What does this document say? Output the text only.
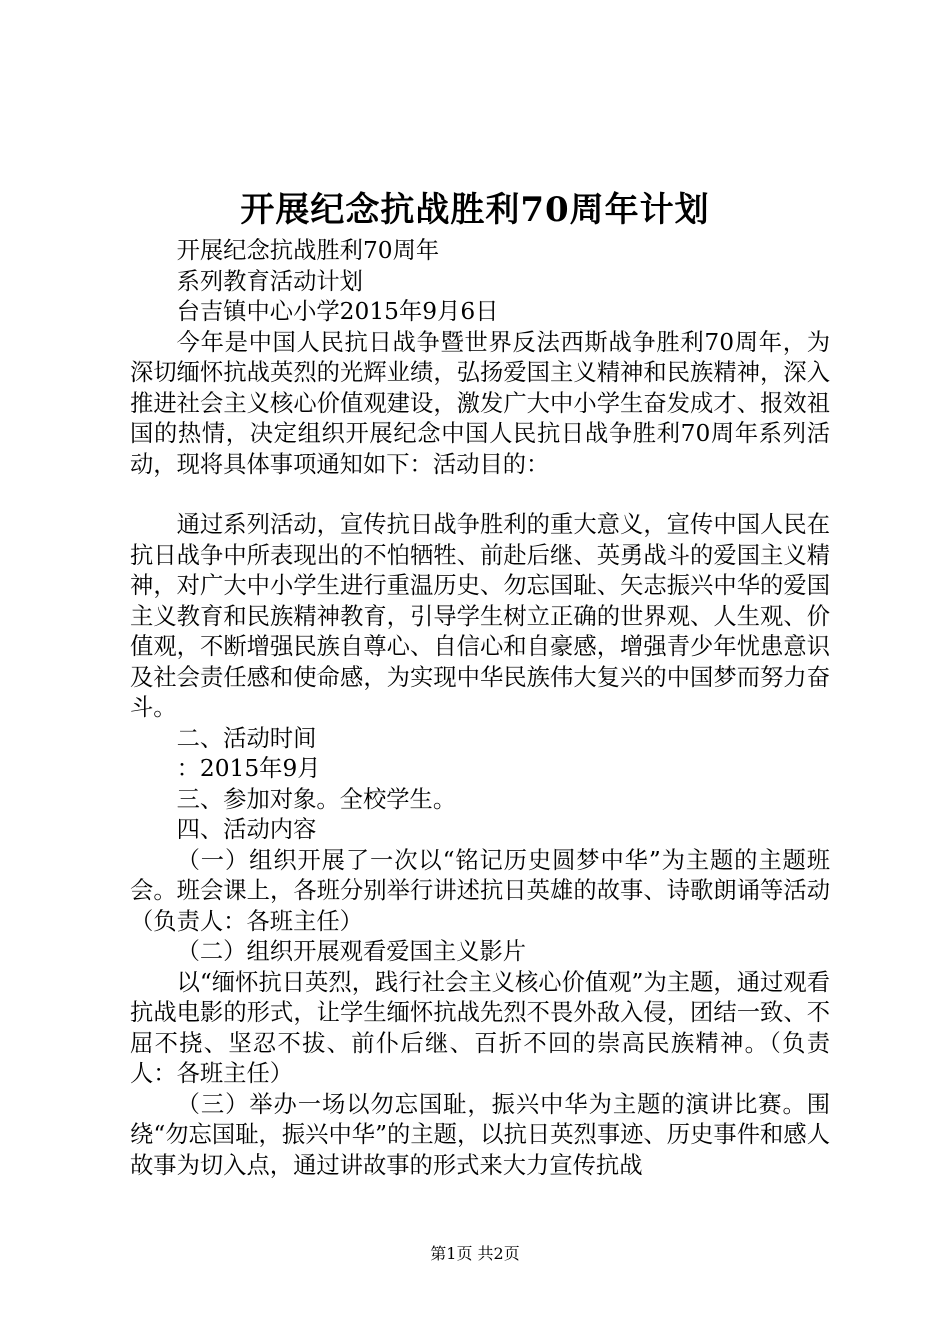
开展纪念抗战胜利70周年计划

开展纪念抗战胜利70周年

系列教育活动计划

台吉镇中心小学2015年9月6日

今年是中国人民抗日战争暨世界反法西斯战争胜利70周年，为深切缅怀抗战英烈的光辉业绩，弘扬爱国主义精神和民族精神，深入推进社会主义核心价值观建设，激发广大中小学生奋发成才、报效祖国的热情，决定组织开展纪念中国人民抗日战争胜利70周年系列活动，现将具体事项通知如下：活动目的：

通过系列活动，宣传抗日战争胜利的重大意义，宣传中国人民在抗日战争中所表现出的不怕牺牲、前赴后继、英勇战斗的爱国主义精神，对广大中小学生进行重温历史、勿忘国耻、矢志振兴中华的爱国主义教育和民族精神教育，引导学生树立正确的世界观、人生观、价值观，不断增强民族自尊心、自信心和自豪感，增强青少年忧患意识及社会责任感和使命感，为实现中华民族伟大复兴的中国梦而努力奋斗。

二、活动时间

：2015年9月

三、参加对象。全校学生。

四、活动内容

（一）组织开展了一次以“铭记历史圆梦中华”为主题的主题班会。班会课上，各班分别举行讲述抗日英雄的故事、诗歌朗诵等活动（负责人：各班主任）

（二）组织开展观看爱国主义影片

以“缅怀抗日英烈，践行社会主义核心价值观”为主题，通过观看抗战电影的形式，让学生缅怀抗战先烈不畏外敌入侵，团结一致、不屈不挠、坚忍不拔、前仆后继、百折不回的崇高民族精神。（负责人：各班主任）

（三）举办一场以勿忘国耻，振兴中华为主题的演讲比赛。围绕“勿忘国耻，振兴中华”的主题，以抗日英烈事迹、历史事件和感人故事为切入点，通过讲故事的形式来大力宣传抗战

第1页 共2页
